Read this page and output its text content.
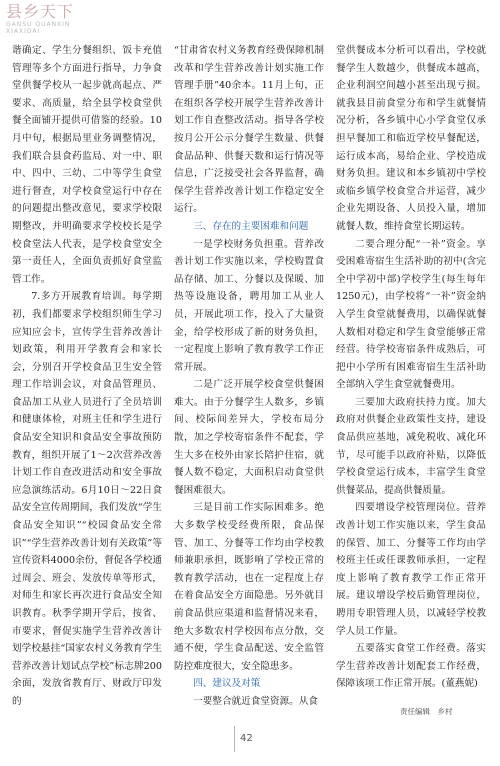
县乡天下
GANSU QUANXIN
XIAXIDAI

谐确定、学生分餐组织、饭卡充值管理等多个方面进行指导，力争食堂供餐学校从一起步就高起点、严要求、高质量，给全县学校食堂供餐全面铺开提供可借鉴的经验。10月中旬，根据局里业务调整情况，我们联合县食药监局、对一中、职中、四中、三幼、二中等学生食堂进行督查，对学校食堂运行中存在的问题提出整改意见，要求学校限期整改，并明确要求学校校长是学校食堂法人代表，是学校食堂安全第一责任人，全面负责抓好食堂监管工作。

7.多方开展教育培训。每学期初，我们都要求学校组织师生学习应知应会卡，宣传学生营养改善计划政策，利用开学教育会和家长会，分别召开学校食品卫生安全管理工作培训会议，对食品管理员、食品加工从业人员进行了全员培训和健康体检，对班主任和学生进行食品安全知识和食品安全事故预防教育，组织开展了1～2次营养改善计划工作自查改进活动和安全事故应急演练活动。6月10日～22日食品安全宣传周期间，我们发放“学生食品安全知识”“校园食品安全常识”“学生营养改善计划有关政策”等宣传资料4000余份，督促各学校通过周会、班会、发放传单等形式，对师生和家长再次进行食品安全知识教育。秋季学期开学后，按省、市要求，督促实施学生营养改善计划学校悬挂“国家农村义务教育学生营养改善计划试点学校”标志牌200余面，发放省教育厅、财政厅印发的

“甘肃省农村义务教育经费保障机制改革和学生营养改善计划实施工作管理手册”40余本。11月上旬，正在组织各学校开展学生营养改善计划工作自查整改活动。指导各学校按月公开公示分餐学生数量、供餐食品品种、供餐天数和运行情况等信息，广泛接受社会各界监督，确保学生营养改善计划工作稳定安全运行。

三、存在的主要困难和问题

一是学校财务负担重。营养改善计划工作实施以来，学校购置食品存储、加工、分餐以及保暖、加热等设施设备，聘用加工从业人员，开展此项工作，投入了大量资金，给学校形成了新的财务负担，一定程度上影响了教育教学工作正常开展。

二是广泛开展学校食堂供餐困难大。由于分餐学生人数多，乡镇间、校际间差异大，学校布局分散，加之学校寄宿条件不配套，学生大多在校外由家长陪护住宿，就餐人数不稳定，大面积启动食堂供餐困难很大。

三是目前工作实际困难多。绝大多数学校受经费所限，食品保管、加工、分餐等工作均由学校教师兼职承担，既影响了学校正常的教育教学活动，也在一定程度上存在着食品安全方面隐患。另外就目前食品供应渠道和监督情况来看，绝大多数农村学校因布点分散，交通不便，学生食品配送、安全监管防控难度很大，安全隐患多。

四、建议及对策

一要整合就近食堂资源。从食

堂供餐成本分析可以看出，学校就餐学生人数越少，供餐成本越高，企业利润空间越小甚至出现亏损。就我县目前食堂分布和学生就餐情况分析，各乡镇中心小学食堂仅承担早餐加工和临近学校早餐配送，运行成本高，易给企业、学校造成财务负担。建议和本乡镇初中学校或临乡镇学校食堂合并运营，减少企业先期设备、人员投入量，增加就餐人数，维持食堂长期运转。

二要合理分配“一补”资金。享受困难寄宿生生活补助的初中(含完全中学初中部)学校学生(每生每年1250元)，由学校将“一补”资金纳入学生食堂就餐费用，以确保就餐人数相对稳定和学生食堂能够正常经营。待学校寄宿条件成熟后，可把中小学所有困难寄宿生生活补助全部纳入学生食堂就餐费用。

三要加大政府扶持力度。加大政府对供餐企业政策性支持，建设食品供应基地，减免税收、减化环节，尽可能手以政府补贴，以降低学校食堂运行成本，丰富学生食堂供餐菜品，提高供餐质量。

四要增设学校管理岗位。营养改善计划工作实施以来，学生食品的保管、加工、分餐等工作均由学校班主任或任课教师承担，一定程度上影响了教育教学工作正常开展。建议增设学校后勤管理岗位，聘用专职管理人员，以减轻学校教学人员工作量。

五要落实食堂工作经费。落实学生营养改善计划配套工作经费，保障该项工作正常开展。(董燕妮)

责任编辑　乡村
42
